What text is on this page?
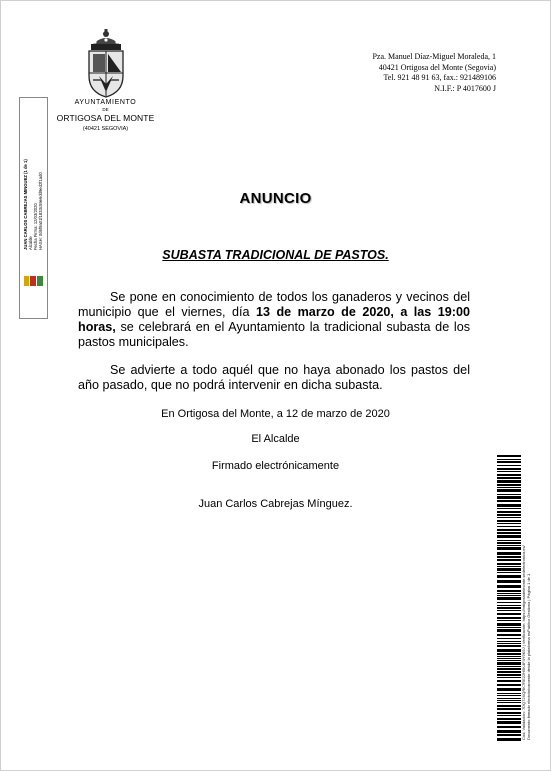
AYUNTAMIENTO
DE
ORTIGOSA DEL MONTE
(40421 SEGOVIA)
Pza. Manuel Díaz-Miguel Moraleda, 1
40421 Ortigosa del Monte (Segovia)
Tel. 921 48 91 63, fax.: 921489106
N.I.F.: P 4017600 J
JUAN CARLOS CABREJAS MINGUEZ (1 de 1) Alcalde Fecha Firma: 12/03/2020 HASH: 0d6f9a01f1833c59e6dd9ed2f1ad0	ANUNCIO
SUBASTA TRADICIONAL DE PASTOS.
Se pone en conocimiento de todos los ganaderos y vecinos del municipio que el viernes, día 13 de marzo de 2020, a las 19:00 horas, se celebrará en el Ayuntamiento la tradicional subasta de los pastos municipales.
Se advierte a todo aquél que no haya abonado los pastos del año pasado, que no podrá intervenir en dicha subasta.
En Ortigosa del Monte, a 12 de marzo de 2020
El Alcalde
Firmado electrónicamente
Juan Carlos Cabrejas Mínguez.
Cód. Validación: 7DQ72XQRK7RE22H5K4F4Y9K9J | Verificación: https://ortigosadelmonte.sedelectronica.es/ Documento firmado electrónicamente desde la plataforma esPublico Gestiona | Página 1 de 1
